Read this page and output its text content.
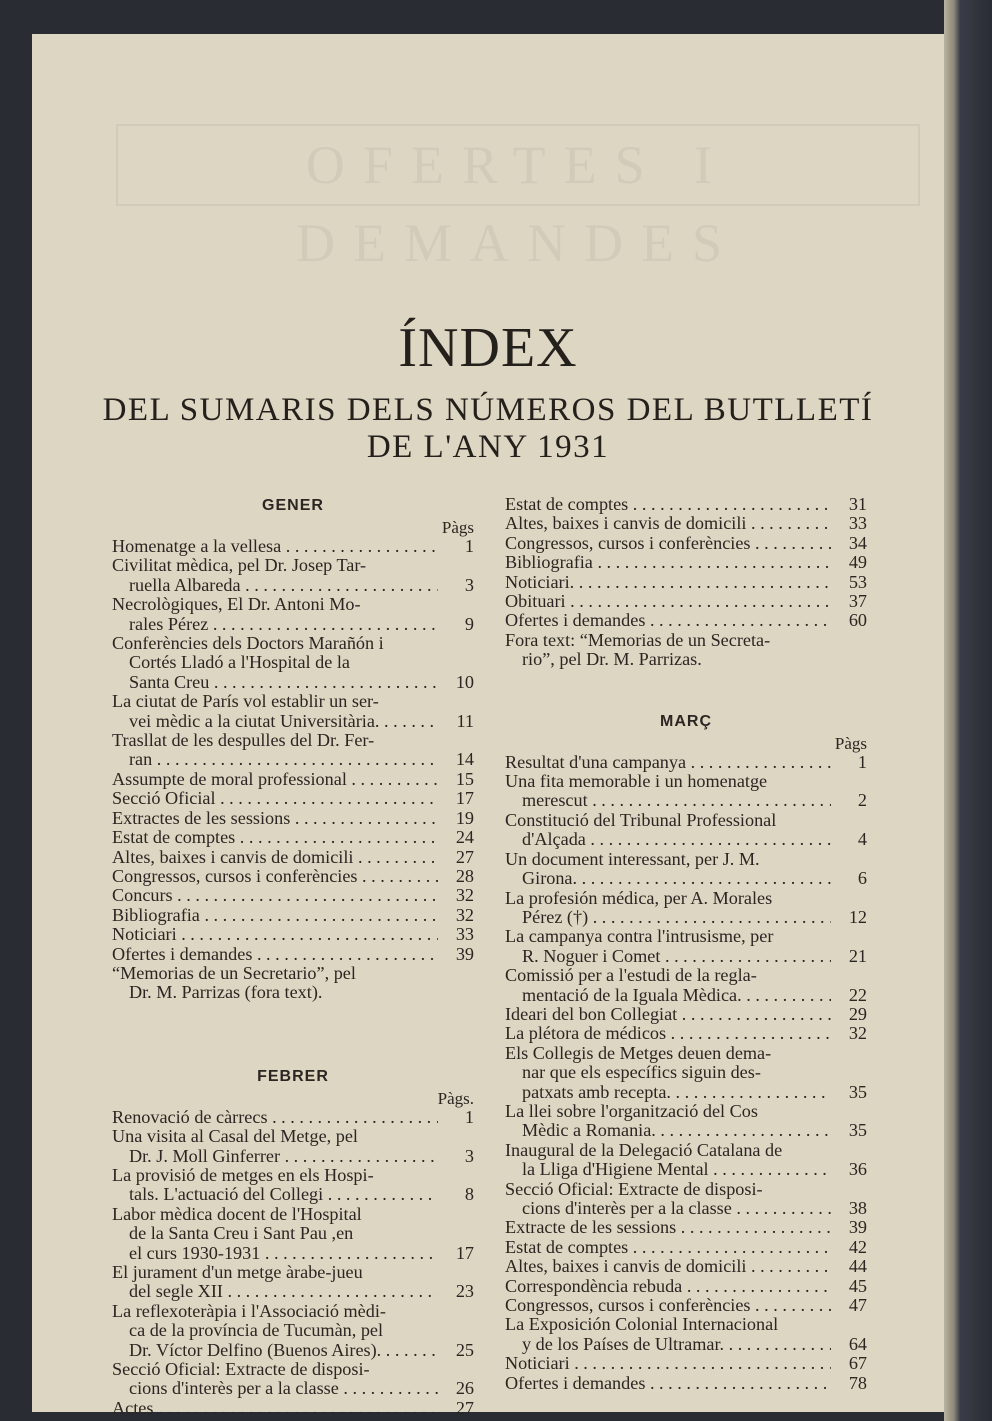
OFERTES I DEMANDES
ÍNDEX
DEL SUMARIS DELS NÚMEROS DEL BUTLLETÍ
DE L'ANY 1931
GENER
Pàgs
Homenatge a la vellesa . . .	1
Civilitat mèdica, pel Dr. Josep Tar-
ruella Albareda . . .	3
Necrològiques, El Dr. Antoni Mo-
rales Pérez . . .	9
Conferències dels Doctors Marañón i
Cortés Lladó a l'Hospital de la
Santa Creu . . .	10
La ciutat de París vol establir un ser-
vei mèdic a la ciutat Universitària. . . .	11
Trasllat de les despulles del Dr. Fer-
ran . . .	14
Assumpte de moral professional . . .	15
Secció Oficial . . .	17
Extractes de les sessions . . .	19
Estat de comptes . . .	24
Altes, baixes i canvis de domicili . . .	27
Congressos, cursos i conferències . . .	28
Concurs . . .	32
Bibliografia . . .	32
Noticiari . . .	33
Ofertes i demandes . . .	39
“Memorias de un Secretario”, pel
Dr. M. Parrizas (fora text).
FEBRER
Pàgs.
Renovació de càrrecs . . .	1
Una visita al Casal del Metge, pel
Dr. J. Moll Ginferrer . . .	3
La provisió de metges en els Hospi-
tals. L'actuació del Collegi . . .	8
Labor mèdica docent de l'Hospital
de la Santa Creu i Sant Pau ,en
el curs 1930-1931 . . .	17
El jurament d'un metge àrabe-jueu
del segle XII . . .	23
La reflexoteràpia i l'Associació mèdi-
ca de la província de Tucumàn, pel
Dr. Víctor Delfino (Buenos Aires). . . .	25
Secció Oficial: Extracte de disposi-
cions d'interès per a la classe . . .	26
Actes . . .	27
Estat de comptes . . .	31
Altes, baixes i canvis de domicili . . .	33
Congressos, cursos i conferències . . .	34
Bibliografia . . .	49
Noticiari. . . .	53
Obituari . . .	37
Ofertes i demandes . . .	60
Fora text: “Memorias de un Secreta-
rio”, pel Dr. M. Parrizas.
MARÇ
Pàgs
Resultat d'una campanya . . .	1
Una fita memorable i un homenatge
merescut . . .	2
Constitució del Tribunal Professional
d'Alçada . . .	4
Un document interessant, per J. M.
Girona. . . .	6
La profesión médica, per A. Morales
Pérez (†) . . .	12
La campanya contra l'intrusisme, per
R. Noguer i Comet . . .	21
Comissió per a l'estudi de la regla-
mentació de la Iguala Mèdica. . . .	22
Ideari del bon Collegiat . . .	29
La plétora de médicos . . .	32
Els Collegis de Metges deuen dema-
nar que els específics siguin des-
patxats amb recepta. . . .	35
La llei sobre l'organització del Cos
Mèdic a Romania. . . .	35
Inaugural de la Delegació Catalana de
la Lliga d'Higiene Mental . . .	36
Secció Oficial: Extracte de disposi-
cions d'interès per a la classe . . .	38
Extracte de les sessions . . .	39
Estat de comptes . . .	42
Altes, baixes i canvis de domicili . . .	44
Correspondència rebuda . . .	45
Congressos, cursos i conferències . . .	47
La Exposición Colonial Internacional
y de los Países de Ultramar. . . .	64
Noticiari . . .	67
Ofertes i demandes . . .	78
